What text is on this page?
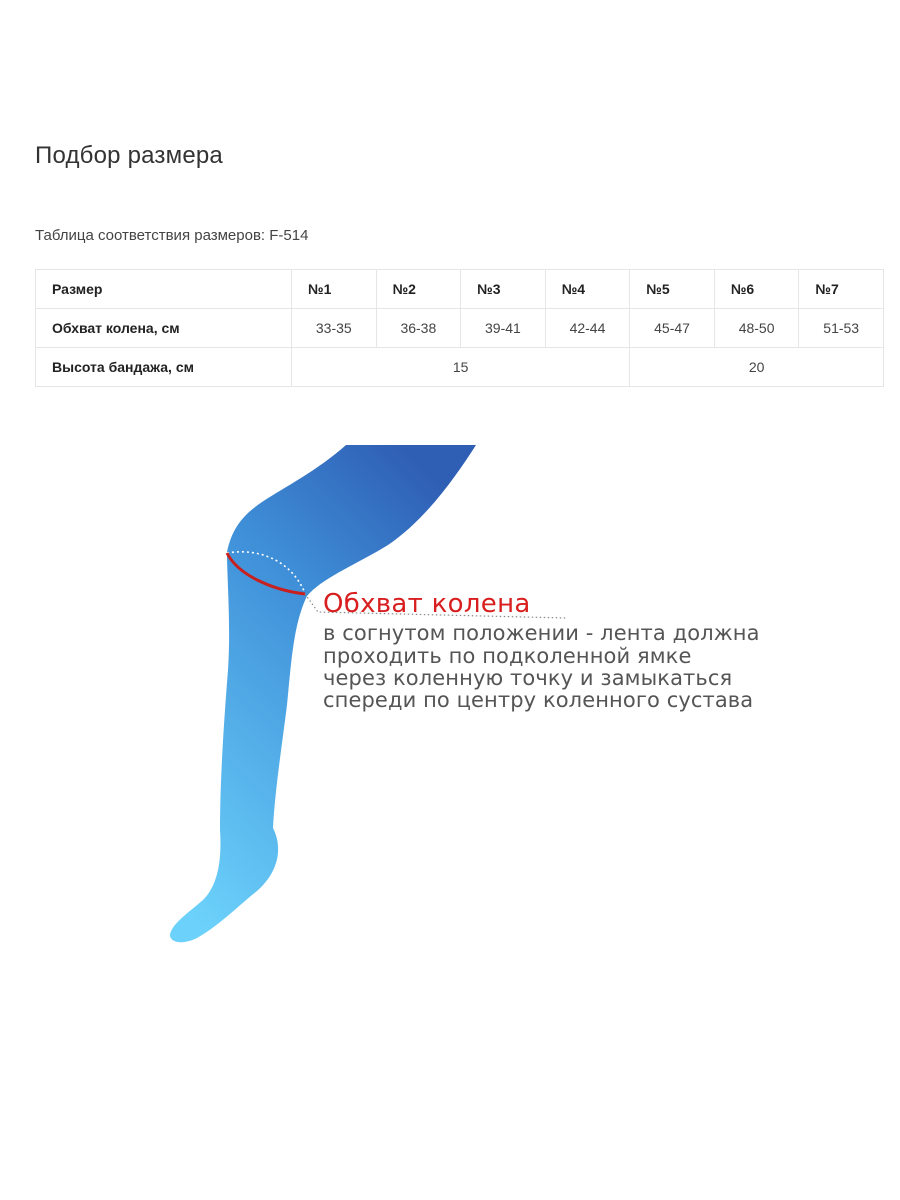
Подбор размера
Таблица соответствия размеров: F-514
Размер	№1	№2	№3	№4	№5	№6	№7
Обхват колена, см	33-35	36-38	39-41	42-44	45-47	48-50	51-53
Высота бандажа, см	15				20		
Обхват колена
в согнутом положении - лента должна
проходить по подколенной ямке
через коленную точку и замыкаться
спереди по центру коленного сустава
